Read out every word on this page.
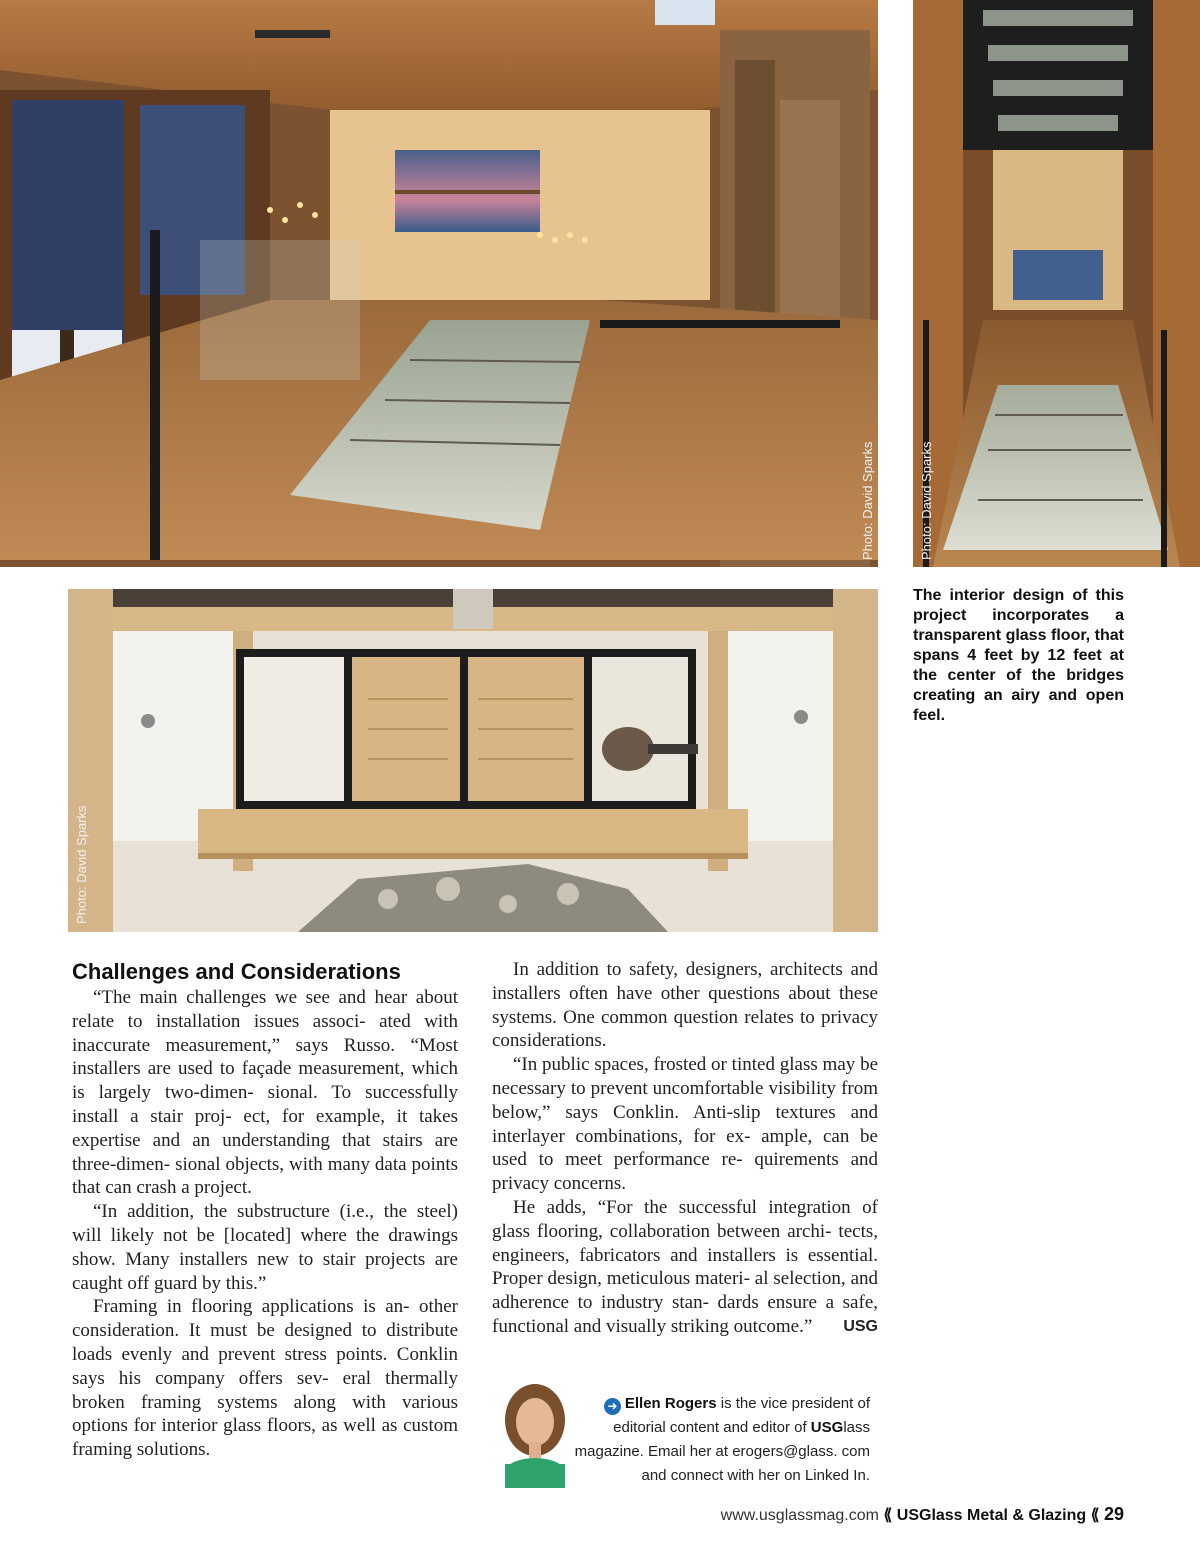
Photo: David Sparks	Photo: David Sparks
Photo: David Sparks
The interior design of this project incorporates a transparent glass floor, that spans 4 feet by 12 feet at the center of the bridges creating an airy and open feel.

Challenges and Considerations

“The main challenges we see and hear about relate to installation issues associ- ated with inaccurate measurement,” says Russo. “Most installers are used to façade measurement, which is largely two-dimen- sional. To successfully install a stair proj- ect, for example, it takes expertise and an understanding that stairs are three-dimen- sional objects, with many data points that can crash a project.

“In addition, the substructure (i.e., the steel) will likely not be [located] where the drawings show. Many installers new to stair projects are caught off guard by this.”

Framing in flooring applications is an- other consideration. It must be designed to distribute loads evenly and prevent stress points. Conklin says his company offers sev- eral thermally broken framing systems along with various options for interior glass floors, as well as custom framing solutions.

In addition to safety, designers, architects and installers often have other questions about these systems. One common question relates to privacy considerations.

“In public spaces, frosted or tinted glass may be necessary to prevent uncomfortable visibility from below,” says Conklin. Anti-slip textures and interlayer combinations, for ex- ample, can be used to meet performance re- quirements and privacy concerns.

He adds, “For the successful integration of glass flooring, collaboration between archi- tects, engineers, fabricators and installers is essential. Proper design, meticulous materi- al selection, and adherence to industry stan- dards ensure a safe, functional and visually striking outcome.”	USG

➜ Ellen Rogers is the vice president of editorial content and editor of USGlass magazine. Email her at erogers@glass. com and connect with her on Linked In.
www.usglassmag.com ⟪ USGlass Metal & Glazing ⟪ 29
